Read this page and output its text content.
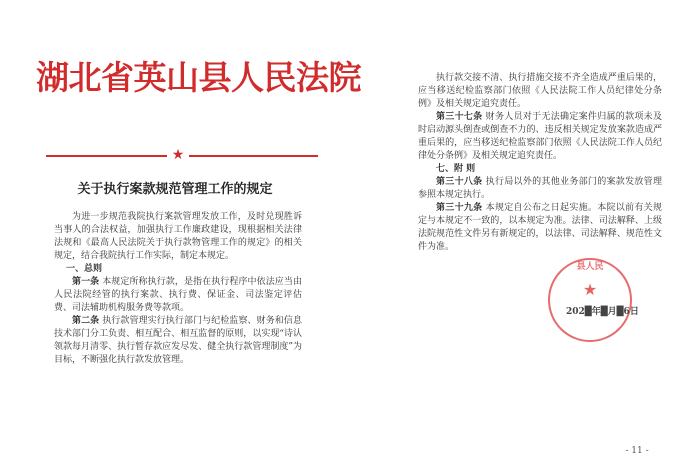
湖北省英山县人民法院
★
关于执行案款规范管理工作的规定

为进一步规范我院执行案款管理发放工作，及时兑现胜诉当事人的合法权益，加强执行工作廉政建设，现根据相关法律法规和《最高人民法院关于执行款物管理工作的规定》的相关规定，结合我院执行工作实际，制定本规定。

一、总则

第一条 本规定所称执行款，是指在执行程序中依法应当由人民法院经管的执行案款、执行费、保证金、司法鉴定评估费、司法辅助机构服务费等款项。

第二条 执行款管理实行执行部门与纪检监察、财务和信息技术部门分工负责、相互配合、相互监督的原则，以实现“诗认领款每月清零、执行暂存款应发尽发、健全执行款管理制度”为目标，不断强化执行款发放管理。

执行款交接不清、执行措施交接不齐全造成严重后果的，应当移送纪检监察部门依照《人民法院工作人员纪律处分条例》及相关规定追究责任。

第三十七条 财务人员对于无法确定案件归属的款项未及时启动源头倒查或倒查不力的、违反相关规定发放案款造成严重后果的，应当移送纪检监察部门依照《人民法院工作人员纪律处分条例》及相关规定追究责任。

七、附 则

第三十八条 执行局以外的其他业务部门的案款发放管理参照本规定执行。

第三十九条 本规定自公布之日起实施。本院以前有关规定与本规定不一致的，以本规定为准。法律、司法解释、上级法院规范性文件另有新规定的，以法律、司法解释、规范性文件为准。

县人民
★
202█年█月█6日
- 11 -
